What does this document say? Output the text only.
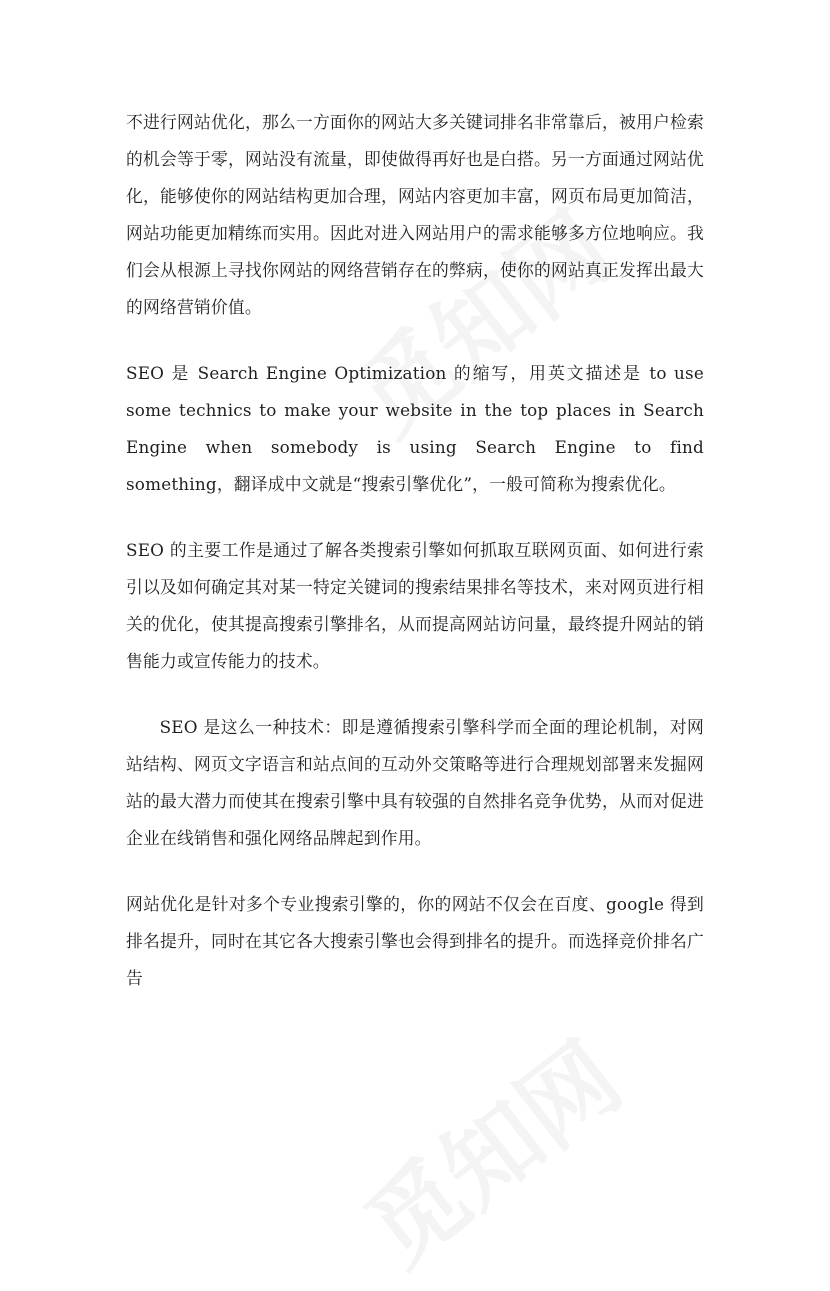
不进行网站优化，那么一方面你的网站大多关键词排名非常靠后，被用户检索的机会等于零，网站没有流量，即使做得再好也是白搭。另一方面通过网站优化，能够使你的网站结构更加合理，网站内容更加丰富，网页布局更加简洁，网站功能更加精练而实用。因此对进入网站用户的需求能够多方位地响应。我们会从根源上寻找你网站的网络营销存在的弊病，使你的网站真正发挥出最大的网络营销价值。

SEO 是 Search Engine Optimization 的缩写，用英文描述是 to use some technics to make your website in the top places in Search Engine when somebody is using Search Engine to find something，翻译成中文就是“搜索引擎优化”，一般可简称为搜索优化。

SEO 的主要工作是通过了解各类搜索引擎如何抓取互联网页面、如何进行索引以及如何确定其对某一特定关键词的搜索结果排名等技术，来对网页进行相关的优化，使其提高搜索引擎排名，从而提高网站访问量，最终提升网站的销售能力或宣传能力的技术。

SEO 是这么一种技术：即是遵循搜索引擎科学而全面的理论机制，对网站结构、网页文字语言和站点间的互动外交策略等进行合理规划部署来发掘网站的最大潜力而使其在搜索引擎中具有较强的自然排名竞争优势，从而对促进企业在线销售和强化网络品牌起到作用。

网站优化是针对多个专业搜索引擎的，你的网站不仅会在百度、google 得到排名提升，同时在其它各大搜索引擎也会得到排名的提升。而选择竞价排名广告
